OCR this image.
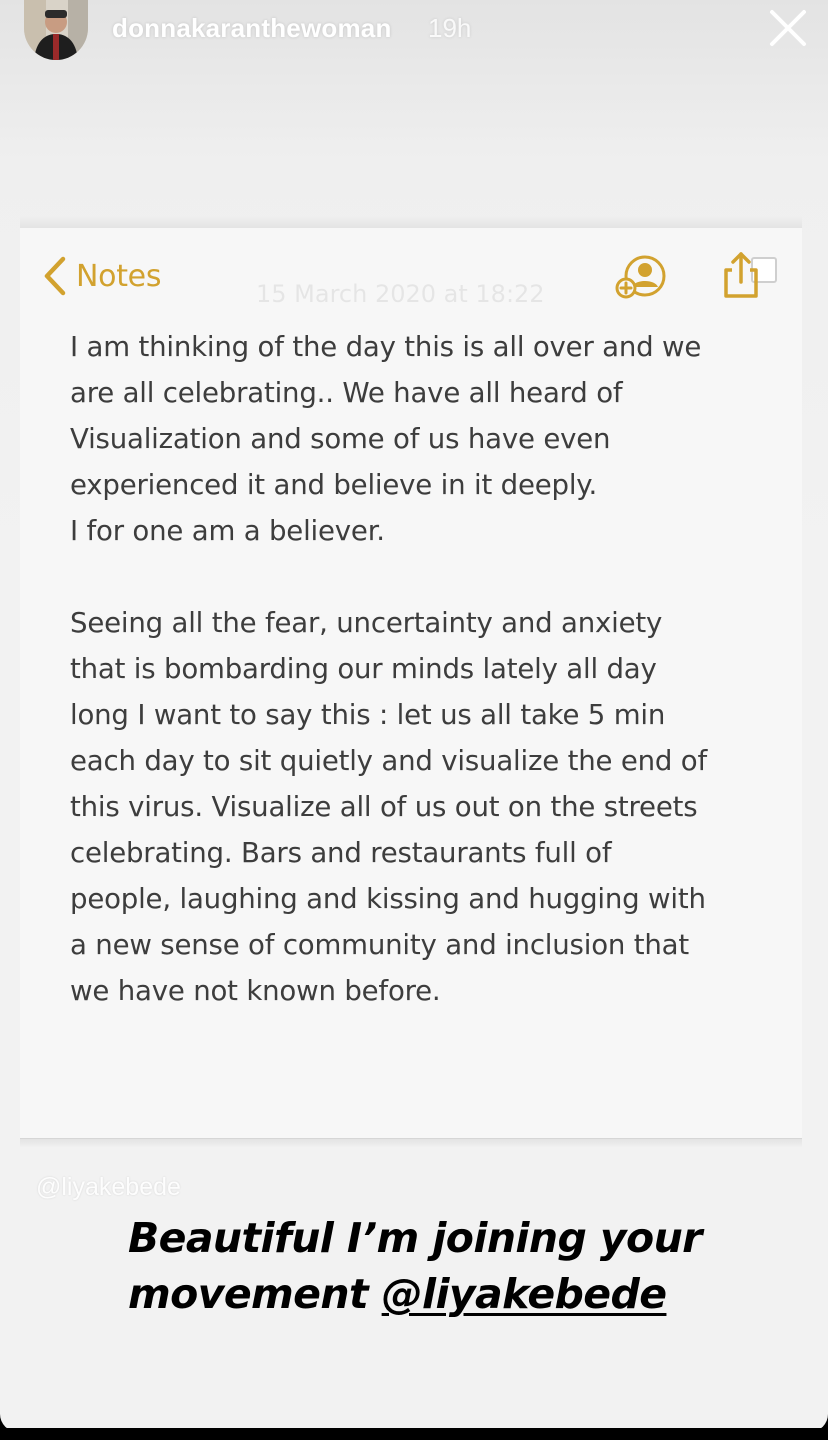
donnakaranthewoman 19h
Notes
15 March 2020 at 18:22

I am thinking of the day this is all over and we

are all celebrating.. We have all heard of

Visualization and some of us have even

experienced it and believe in it deeply.

I for one am a believer.

Seeing all the fear, uncertainty and anxiety

that is bombarding our minds lately all day

long I want to say this : let us all take 5 min

each day to sit quietly and visualize the end of

this virus. Visualize all of us out on the streets

celebrating. Bars and restaurants full of

people, laughing and kissing and hugging with

a new sense of community and inclusion that

we have not known before.

@liyakebede
Beautiful I’m joining your
movement @liyakebede
